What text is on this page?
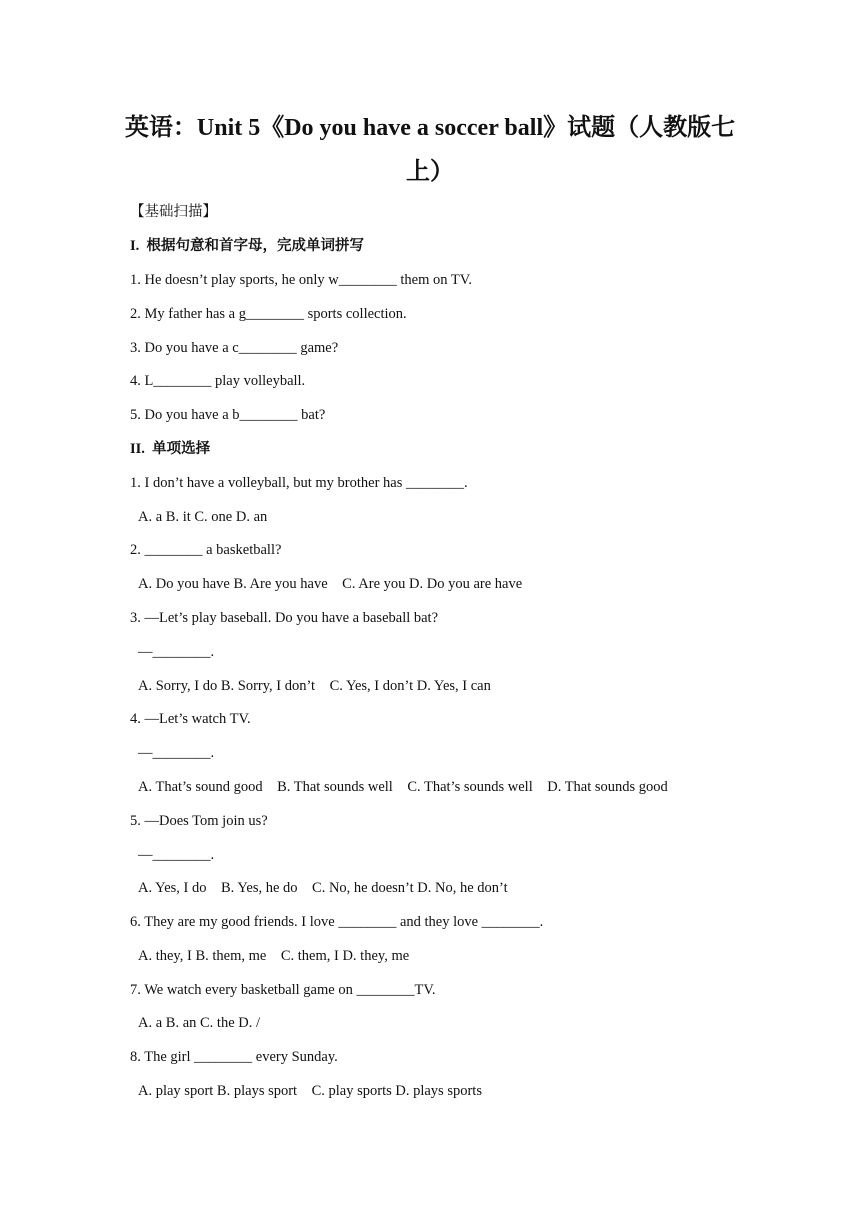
英语：Unit 5《Do you have a soccer ball》试题（人教版七
上）
【基础扫描】
I.  根据句意和首字母，完成单词拼写
1. He doesn’t play sports, he only w________ them on TV.
2. My father has a g________ sports collection.
3. Do you have a c________ game?
4. L________ play volleyball.
5. Do you have a b________ bat?
II.  单项选择
1. I don’t have a volleyball, but my brother has ________.
A. a B. it C. one D. an
2. ________ a basketball?
A. Do you have B. Are you have    C. Are you D. Do you are have
3. —Let’s play baseball. Do you have a baseball bat?
—________.
A. Sorry, I do B. Sorry, I don’t    C. Yes, I don’t D. Yes, I can
4. —Let’s watch TV.
—________.
A. That’s sound good    B. That sounds well    C. That’s sounds well    D. That sounds good
5. —Does Tom join us?
—________.
A. Yes, I do    B. Yes, he do    C. No, he doesn’t D. No, he don’t
6. They are my good friends. I love ________ and they love ________.
A. they, I B. them, me    C. them, I D. they, me
7. We watch every basketball game on ________TV.
A. a B. an C. the D. /
8. The girl ________ every Sunday.
A. play sport B. plays sport    C. play sports D. plays sports
